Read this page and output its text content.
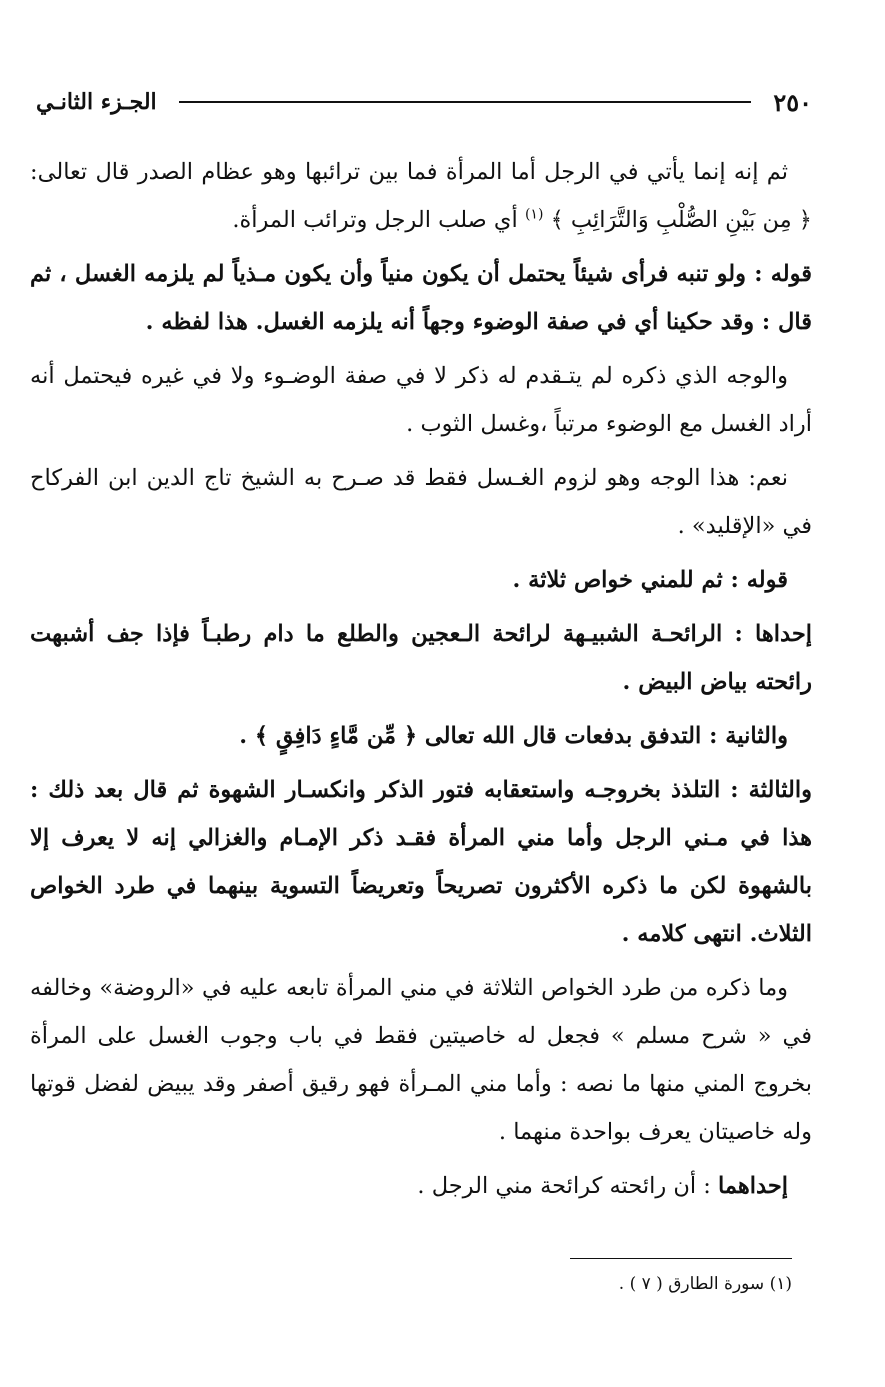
٢٥٠
الجـزء الثانـي

ثم إنه إنما يأتي في الرجل أما المرأة فما بين ترائبها وهو عظام الصدر قال تعالى: ﴿ مِن بَيْنِ الصُّلْبِ وَالتَّرَائِبِ ﴾ $^{(١)}$ أي صلب الرجل وترائب المرأة.

قوله : ولو تنبه فرأى شيئاً يحتمل أن يكون منياً وأن يكون مـذياً لم يلزمه الغسل ، ثم قال : وقد حكينا أي في صفة الوضوء وجهاً أنه يلزمه الغسل. هذا لفظه .

والوجه الذي ذكره لم يتـقدم له ذكر لا في صفة الوضـوء ولا في غيره فيحتمل أنه أراد الغسل مع الوضوء مرتباً ،وغسل الثوب .

نعم: هذا الوجه وهو لزوم الغـسل فقط قد صـرح به الشيخ تاج الدين ابن الفركاح في «الإقليد» .

قوله : ثم للمني خواص ثلاثة .

إحداها : الرائحـة الشبيـهة لرائحة الـعجين والطلع ما دام رطبـاً فإذا جف أشبهت رائحته بياض البيض .

والثانية : التدفق بدفعات قال الله تعالى ﴿ مِّن مَّاءٍ دَافِقٍ ﴾ .

والثالثة : التلذذ بخروجـه واستعقابه فتور الذكر وانكسـار الشهوة ثم قال بعد ذلك : هذا في مـني الرجل وأما مني المرأة فقـد ذكر الإمـام والغزالي إنه لا يعرف إلا بالشهوة لكن ما ذكره الأكثرون تصريحاً وتعريضاً التسوية بينهما في طرد الخواص الثلاث. انتهى كلامه .

وما ذكره من طرد الخواص الثلاثة في مني المرأة تابعه عليه في «الروضة» وخالفه في « شرح مسلم » فجعل له خاصيتين فقط في باب وجوب الغسل على المرأة بخروج المني منها ما نصه : وأما مني المـرأة فهو رقيق أصفر وقد يبيض لفضل قوتها وله خاصيتان يعرف بواحدة منهما .

إحداهما : أن رائحته كرائحة مني الرجل .

(١) سورة الطارق ( ٧ ) .
